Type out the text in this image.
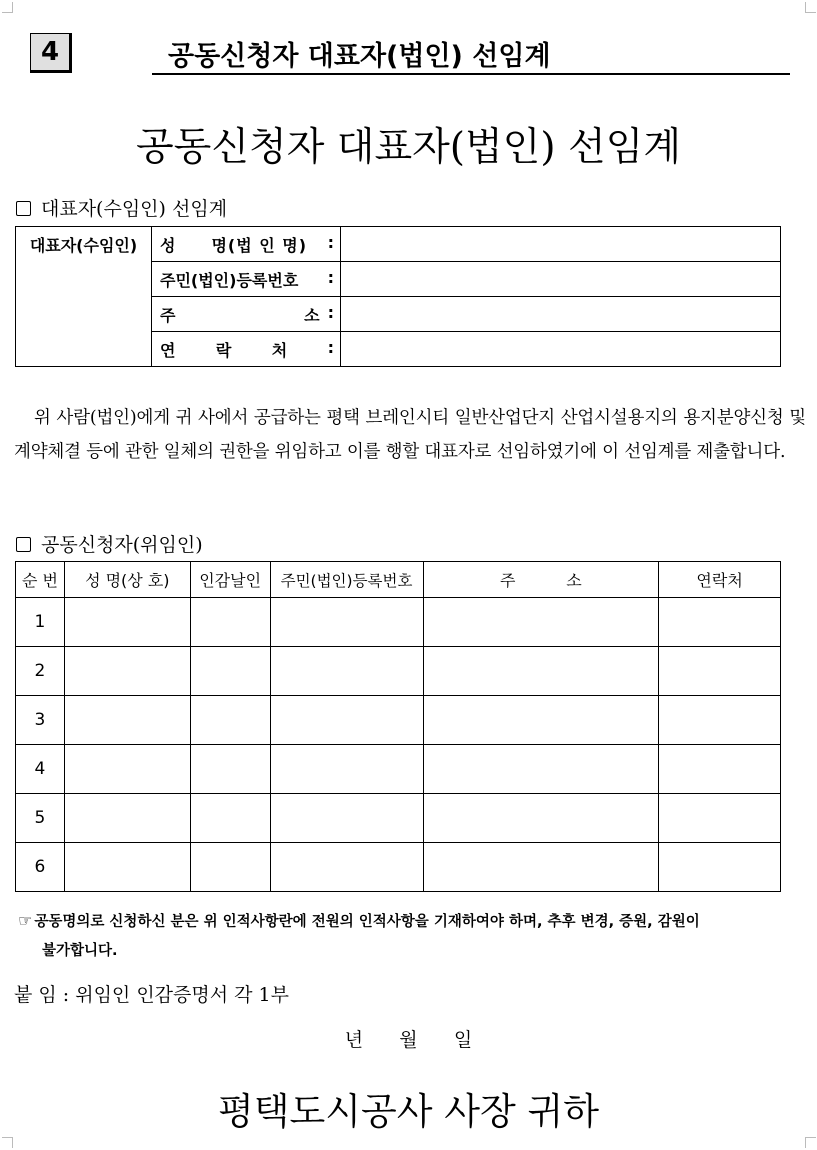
4	공동신청자 대표자(법인) 선임계
공동신청자 대표자(법인) 선임계
대표자(수임인) 선임계
대표자(수임인)	성 명(법 인 명) :	

	주민(법인)등록번호 :	

	주 소 :	

	연 락 처 :	

위 사람(법인)에게 귀 사에서 공급하는 평택 브레인시티 일반산업단지 산업시설용지의 용지분양신청 및 계약체결 등에 관한 일체의 권한을 위임하고 이를 행할 대표자로 선임하였기에 이 선임계를 제출합니다.
공동신청자(위임인)
순 번	성 명(상 호)	인감날인	주민(법인)등록번호	주          소	연락처
1					
2					
3					
4					
5					
6					
☞ 공동명의로 신청하신 분은 위 인적사항란에 전원의 인적사항을 기재하여야 하며, 추후 변경, 증원, 감원이
불가합니다.
붙 임 : 위임인 인감증명서 각 1부
년      월      일
평택도시공사 사장 귀하
